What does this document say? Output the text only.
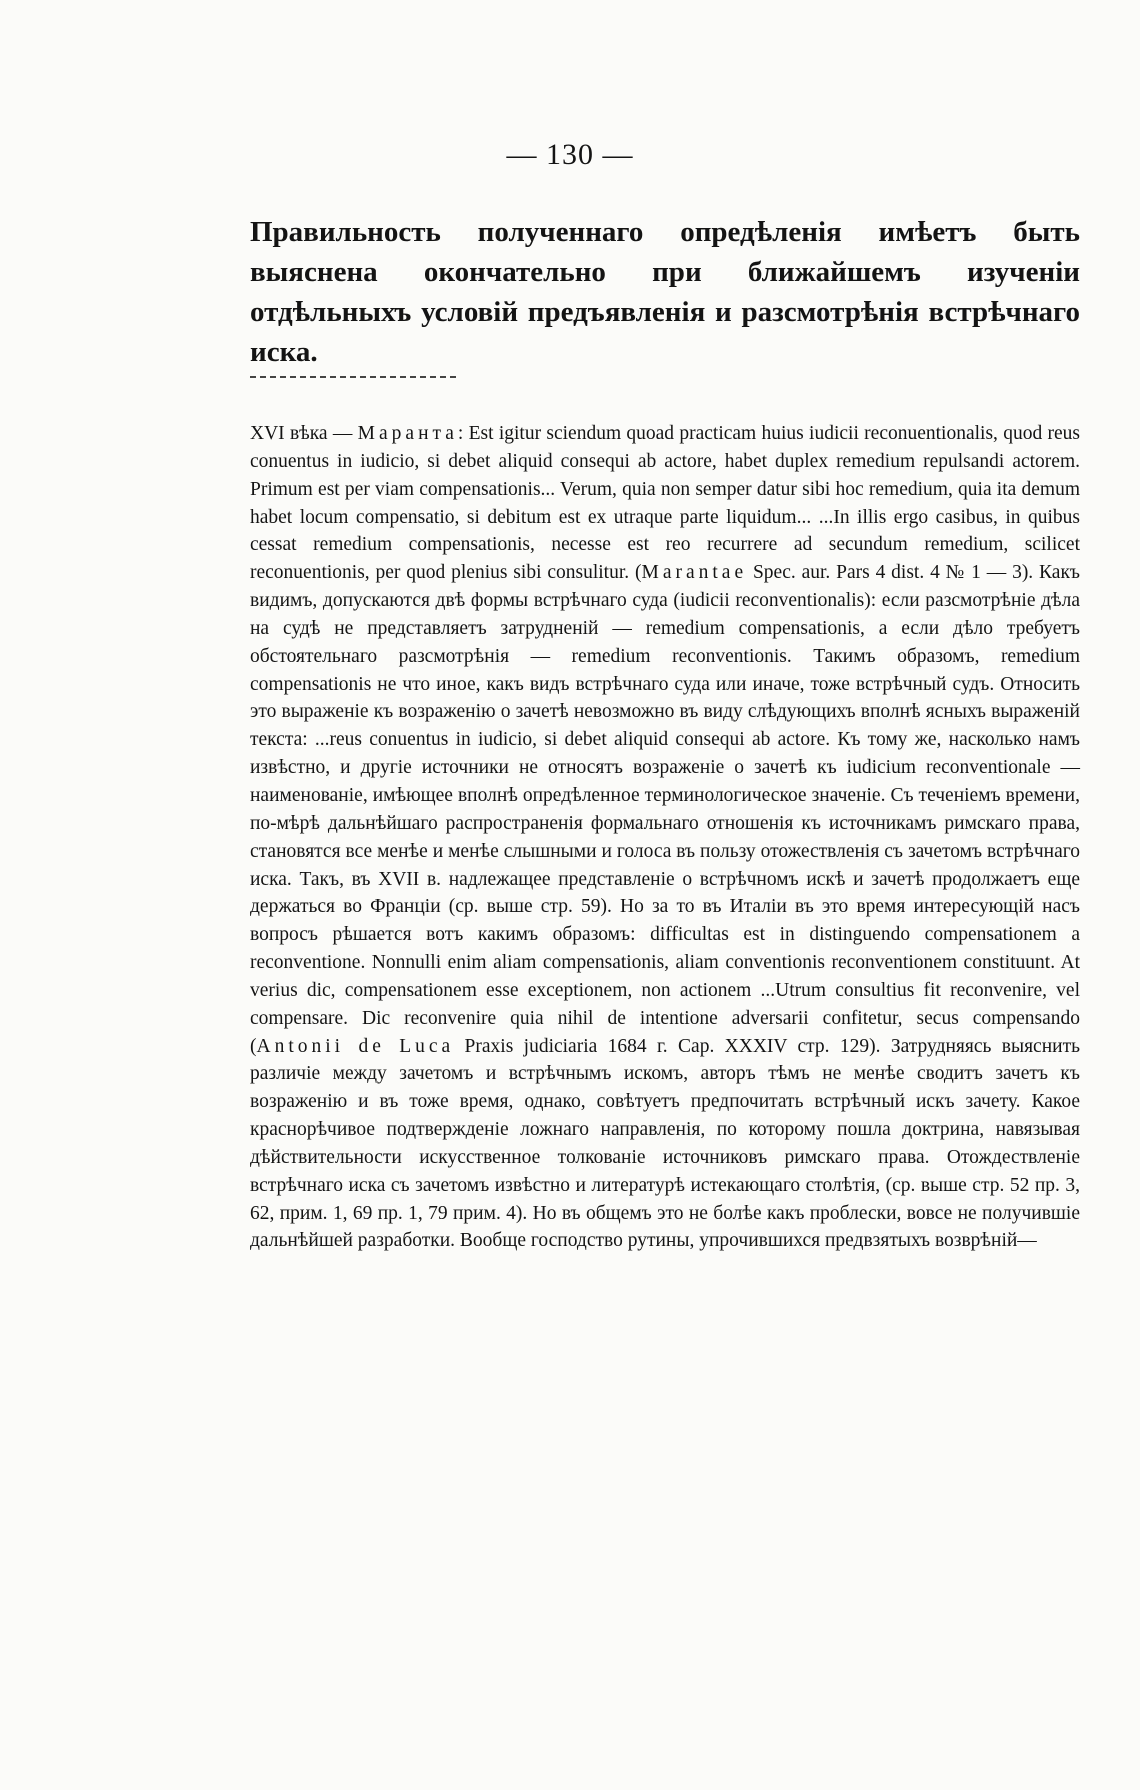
— 130 —

Правильность полученнаго опредѣленія имѣетъ быть выяснена окончательно при ближайшемъ изученіи отдѣльныхъ условій предъявленія и разсмотрѣнія встрѣчнаго иска.

XVI вѣка — Маранта: Est igitur sciendum quoad practicam huius iudicii reconuentionalis, quod reus conuentus in iudicio, si debet aliquid consequi ab actore, habet duplex remedium repulsandi actorem. Primum est per viam compensationis... Verum, quia non semper datur sibi hoc remedium, quia ita demum habet locum compensatio, si debitum est ex utraque parte liquidum... ...In illis ergo casibus, in quibus cessat remedium compensationis, necesse est reo recurrere ad secundum remedium, scilicet reconuentionis, per quod plenius sibi consulitur. (Marantae Spec. aur. Pars 4 dist. 4 № 1 — 3). Какъ видимъ, допускаются двѣ формы встрѣчнаго суда (iudicii reconventionalis): если разсмотрѣніе дѣла на судѣ не представляетъ затрудненій — remedium compensationis, а если дѣло требуетъ обстоятельнаго разсмотрѣнія — remedium reconventionis. Такимъ образомъ, remedium compensationis не что иное, какъ видъ встрѣчнаго суда или иначе, тоже встрѣчный судъ. Относить это выраженіе къ возраженію о зачетѣ невозможно въ виду слѣдующихъ вполнѣ ясныхъ выраженій текста: ...reus conuentus in iudicio, si debet aliquid consequi ab actore. Къ тому же, насколько намъ извѣстно, и другіе источники не относятъ возраженіе о зачетѣ къ iudicium reconventionale — наименованіе, имѣющее вполнѣ опредѣленное терминологическое значеніе. Съ теченіемъ времени, по-мѣрѣ дальнѣйшаго распространенія формальнаго отношенія къ источникамъ римскаго права, становятся все менѣе и менѣе слышными и голоса въ пользу отожествленія съ зачетомъ встрѣчнаго иска. Такъ, въ XVII в. надлежащее представленіе о встрѣчномъ искѣ и зачетѣ продолжаетъ еще держаться во Франціи (ср. выше стр. 59). Но за то въ Италіи въ это время интересующій насъ вопросъ рѣшается вотъ какимъ образомъ: difficultas est in distinguendo compensationem a reconventione. Nonnulli enim aliam compensationis, aliam conventionis reconventionem constituunt. At verius dic, compensationem esse exceptionem, non actionem ...Utrum consultius fit reconvenire, vel compensare. Dic reconvenire quia nihil de intentione adversarii confitetur, secus compensando (Antonii de Luca Praxis judiciaria 1684 г. Cap. XXXIV стр. 129). Затрудняясь выяснить различіе между зачетомъ и встрѣчнымъ искомъ, авторъ тѣмъ не менѣе сводитъ зачетъ къ возраженію и въ тоже время, однако, совѣтуетъ предпочитать встрѣчный искъ зачету. Какое краснорѣчивое подтвержденіе ложнаго направленія, по которому пошла доктрина, навязывая дѣйствительности искусственное толкованіе источниковъ римскаго права. Отождествленіе встрѣчнаго иска съ зачетомъ извѣстно и литературѣ истекающаго столѣтія, (ср. выше стр. 52 пр. 3, 62, прим. 1, 69 пр. 1, 79 прим. 4). Но въ общемъ это не болѣе какъ проблески, вовсе не получившіе дальнѣйшей разработки. Вообще господство рутины, упрочившихся предвзятыхъ возврѣній—
